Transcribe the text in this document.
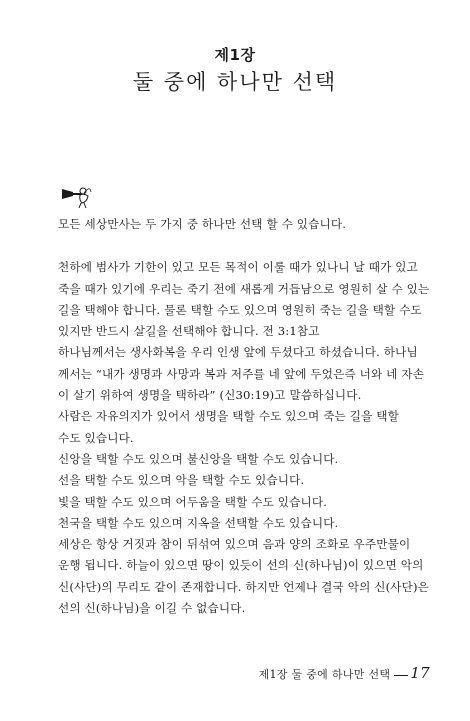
제1장
둘 중에 하나만 선택
모든 세상만사는 두 가지 중 하나만 선택 할 수 있습니다.
천하에 범사가 기한이 있고 모든 목적이 이룰 때가 있나니 날 때가 있고
죽을 때가 있기에 우리는 죽기 전에 새롭게 거듭남으로 영원히 살 수 있는
길을 택해야 합니다. 물론 택할 수도 있으며 영원히 죽는 길을 택할 수도
있지만 반드시 살길을 선택해야 합니다. 전 3:1참고
하나님께서는 생사화복을 우리 인생 앞에 두셨다고 하셨습니다. 하나님
께서는 “내가 생명과 사망과 복과 저주를 네 앞에 두었은즉 너와 네 자손
이 살기 위하여 생명을 택하라” (신30:19)고 말씀하십니다.
사람은 자유의지가 있어서 생명을 택할 수도 있으며 죽는 길을 택할
수도 있습니다.
신앙을 택할 수도 있으며 불신앙을 택할 수도 있습니다.
선을 택할 수도 있으며 악을 택할 수도 있습니다.
빛을 택할 수도 있으며 어두움을 택할 수도 있습니다.
천국을 택할 수도 있으며 지옥을 선택할 수도 있습니다.
세상은 항상 거짓과 참이 뒤섞여 있으며 음과 양의 조화로 우주만물이
운행 됩니다. 하늘이 있으면 땅이 있듯이 선의 신(하나님)이 있으면 악의
신(사단)의 무리도 같이 존재합니다. 하지만 언제나 결국 악의 신(사단)은
선의 신(하나님)을 이길 수 없습니다.
제1장 둘 중에 하나만 선택 17
